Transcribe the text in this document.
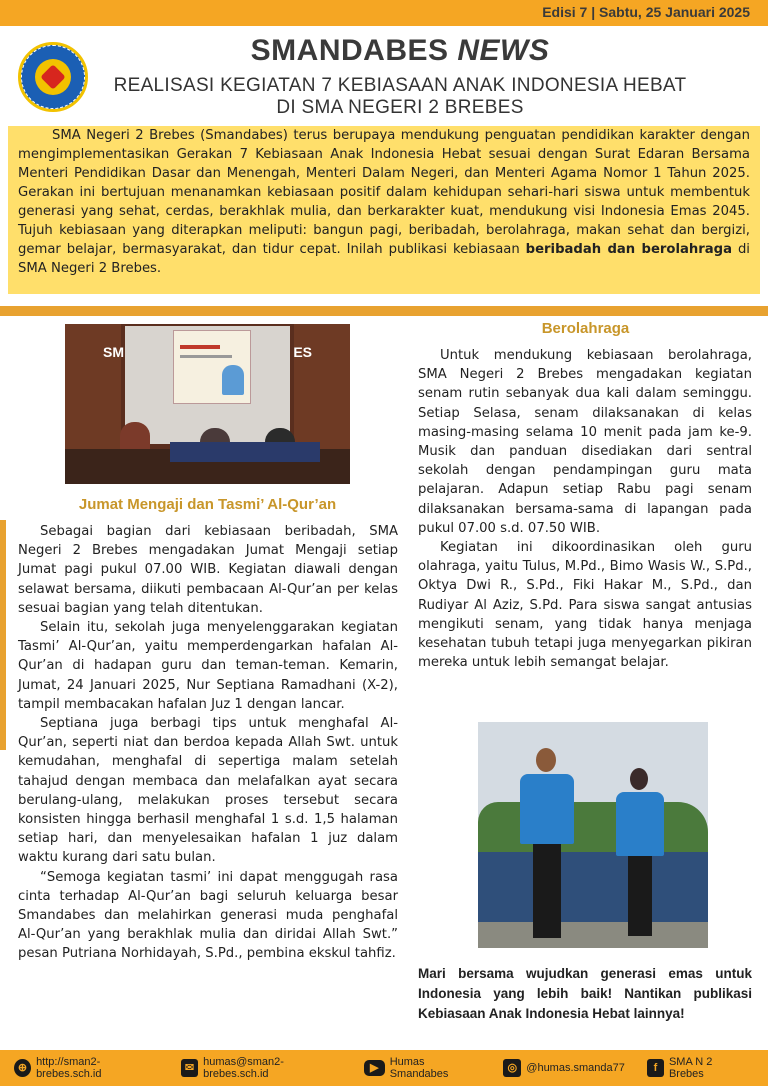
Edisi 7 | Sabtu, 25 Januari 2025
SMANDABES NEWS
REALISASI KEGIATAN 7 KEBIASAAN ANAK INDONESIA HEBAT
DI SMA NEGERI 2 BREBES

SMA Negeri 2 Brebes (Smandabes) terus berupaya mendukung penguatan pendidikan karakter dengan mengimplementasikan Gerakan 7 Kebiasaan Anak Indonesia Hebat sesuai dengan Surat Edaran Bersama Menteri Pendidikan Dasar dan Menengah, Menteri Dalam Negeri, dan Menteri Agama Nomor 1 Tahun 2025. Gerakan ini bertujuan menanamkan kebiasaan positif dalam kehidupan sehari-hari siswa untuk membentuk generasi yang sehat, cerdas, berakhlak mulia, dan berkarakter kuat, mendukung visi Indonesia Emas 2045. Tujuh kebiasaan yang diterapkan meliputi: bangun pagi, beribadah, berolahraga, makan sehat dan bergizi, gemar belajar, bermasyarakat, dan tidur cepat. Inilah publikasi kebiasaan beribadah dan berolahraga di SMA Negeri 2 Brebes.

SM	ES
Jumat Mengaji dan Tasmi’ Al-Qur’an

Sebagai bagian dari kebiasaan beribadah, SMA Negeri 2 Brebes mengadakan Jumat Mengaji setiap Jumat pagi pukul 07.00 WIB. Kegiatan diawali dengan selawat bersama, diikuti pembacaan Al-Qur’an per kelas sesuai bagian yang telah ditentukan.

Selain itu, sekolah juga menyelenggarakan kegiatan Tasmi’ Al-Qur’an, yaitu memperdengarkan hafalan Al-Qur’an di hadapan guru dan teman-teman. Kemarin, Jumat, 24 Januari 2025, Nur Septiana Ramadhani (X-2), tampil membacakan hafalan Juz 1 dengan lancar.

Septiana juga berbagi tips untuk menghafal Al-Qur’an, seperti niat dan berdoa kepada Allah Swt. untuk kemudahan, menghafal di sepertiga malam setelah tahajud dengan membaca dan melafalkan ayat secara berulang-ulang, melakukan proses tersebut secara konsisten hingga berhasil menghafal 1 s.d. 1,5 halaman setiap hari, dan menyelesaikan hafalan 1 juz dalam waktu kurang dari satu bulan.

“Semoga kegiatan tasmi’ ini dapat menggugah rasa cinta terhadap Al-Qur’an bagi seluruh keluarga besar Smandabes dan melahirkan generasi muda penghafal Al-Qur’an yang berakhlak mulia dan diridai Allah Swt.” pesan Putriana Norhidayah, S.Pd., pembina ekskul tahfiz.

Berolahraga

Untuk mendukung kebiasaan berolahraga, SMA Negeri 2 Brebes mengadakan kegiatan senam rutin sebanyak dua kali dalam seminggu. Setiap Selasa, senam dilaksanakan di kelas masing-masing selama 10 menit pada jam ke-9. Musik dan panduan disediakan dari sentral sekolah dengan pendampingan guru mata pelajaran. Adapun setiap Rabu pagi senam dilaksanakan bersama-sama di lapangan pada pukul 07.00 s.d. 07.50 WIB.

Kegiatan ini dikoordinasikan oleh guru olahraga, yaitu Tulus, M.Pd., Bimo Wasis W., S.Pd., Oktya Dwi R., S.Pd., Fiki Hakar M., S.Pd., dan Rudiyar Al Aziz, S.Pd. Para siswa sangat antusias mengikuti senam, yang tidak hanya menjaga kesehatan tubuh tetapi juga menyegarkan pikiran mereka untuk lebih semangat belajar.

Mari bersama wujudkan generasi emas untuk Indonesia yang lebih baik! Nantikan publikasi Kebiasaan Anak Indonesia Hebat lainnya!
⊕ http://sman2-brebes.sch.id	✉ humas@sman2-brebes.sch.id	▶	Humas Smandabes	◎ @humas.smanda77	f	SMA N 2 Brebes
